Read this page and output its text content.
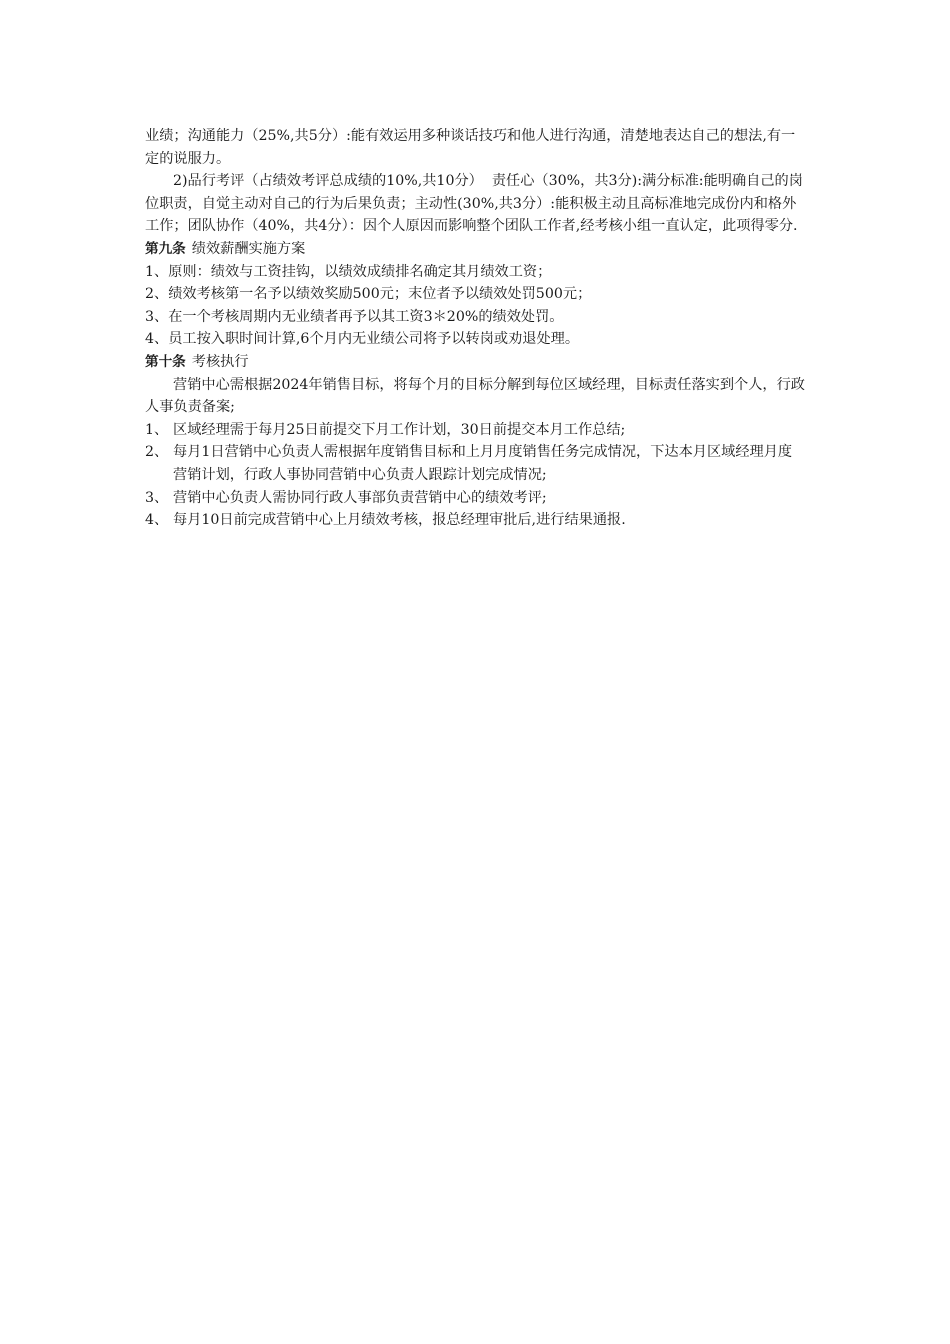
业绩；沟通能力（25%,共5分）:能有效运用多种谈话技巧和他人进行沟通，清楚地表达自己的想法,有一定的说服力。

2)品行考评（占绩效考评总成绩的10%,共10分）  责任心（30%，共3分):满分标准:能明确自己的岗位职责，自觉主动对自己的行为后果负责；主动性(30%,共3分）:能积极主动且高标准地完成份内和格外工作；团队协作（40%，共4分）：因个人原因而影响整个团队工作者,经考核小组一直认定，此项得零分.

第九条 绩效薪酬实施方案

1、 原则：绩效与工资挂钩，以绩效成绩排名确定其月绩效工资；

2、 绩效考核第一名予以绩效奖励500元；末位者予以绩效处罚500元；

3、 在一个考核周期内无业绩者再予以其工资3＊20%的绩效处罚。

4、 员工按入职时间计算,6个月内无业绩公司将予以转岗或劝退处理。

第十条 考核执行

营销中心需根据2024年销售目标，将每个月的目标分解到每位区域经理，目标责任落实到个人，行政人事负责备案;

1、 区域经理需于每月25日前提交下月工作计划，30日前提交本月工作总结;

2、 每月1日营销中心负责人需根据年度销售目标和上月月度销售任务完成情况，下达本月区域经理月度营销计划，行政人事协同营销中心负责人跟踪计划完成情况;

3、 营销中心负责人需协同行政人事部负责营销中心的绩效考评;

4、 每月10日前完成营销中心上月绩效考核，报总经理审批后,进行结果通报.
